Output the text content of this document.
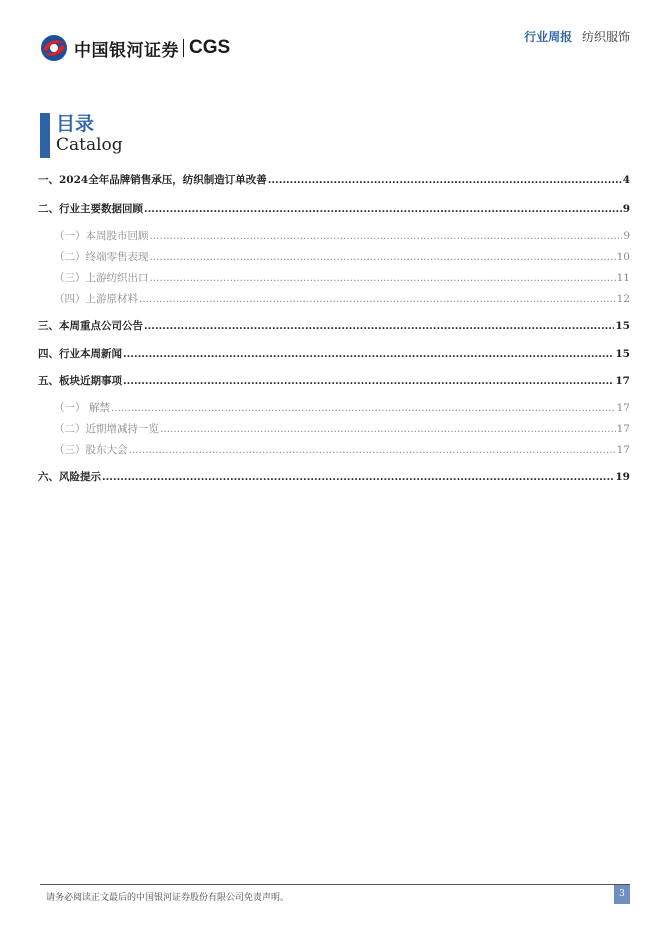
中国银河证券 CGS	行业周报 纺织服饰
目录
Catalog
一、2024全年品牌销售承压，纺织制造订单改善 .....	4
二、行业主要数据回顾 .....	9
（一）本周股市回顾 .....	9
（二）终端零售表现 .....	10
（三）上游纺织出口 .....	11
（四）上游原材料 .....	12
三、本周重点公司公告 .....	15
四、行业本周新闻 .....	15
五、板块近期事项 .....	17
（一） 解禁 .....	17
（二）近期增减持一览 .....	17
（三）股东大会 .....	17
六、风险提示 .....	19
请务必阅读正文最后的中国银河证券股份有限公司免责声明。	3
